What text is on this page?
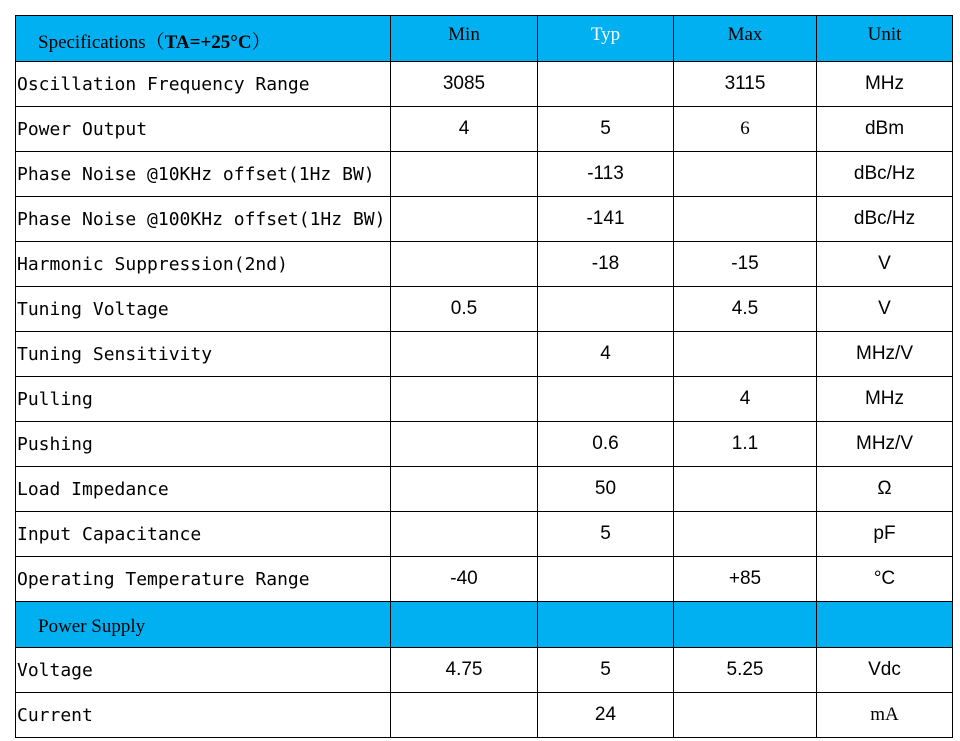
Specifications（TA=+25°C）	Min	Typ	Max	Unit
Oscillation Frequency Range	3085		3115	MHz
Power Output	4	5	6	dBm
Phase Noise @10KHz offset(1Hz BW)		-113		dBc/Hz
Phase Noise @100KHz offset(1Hz BW)		-141		dBc/Hz
Harmonic Suppression(2nd)		-18	-15	V
Tuning Voltage	0.5		4.5	V
Tuning Sensitivity		4		MHz/V
Pulling			4	MHz
Pushing		0.6	1.1	MHz/V
Load Impedance		50		Ω
Input Capacitance		5		pF
Operating Temperature Range	-40		+85	°C
Power Supply				
Voltage	4.75	5	5.25	Vdc
Current		24		mA
